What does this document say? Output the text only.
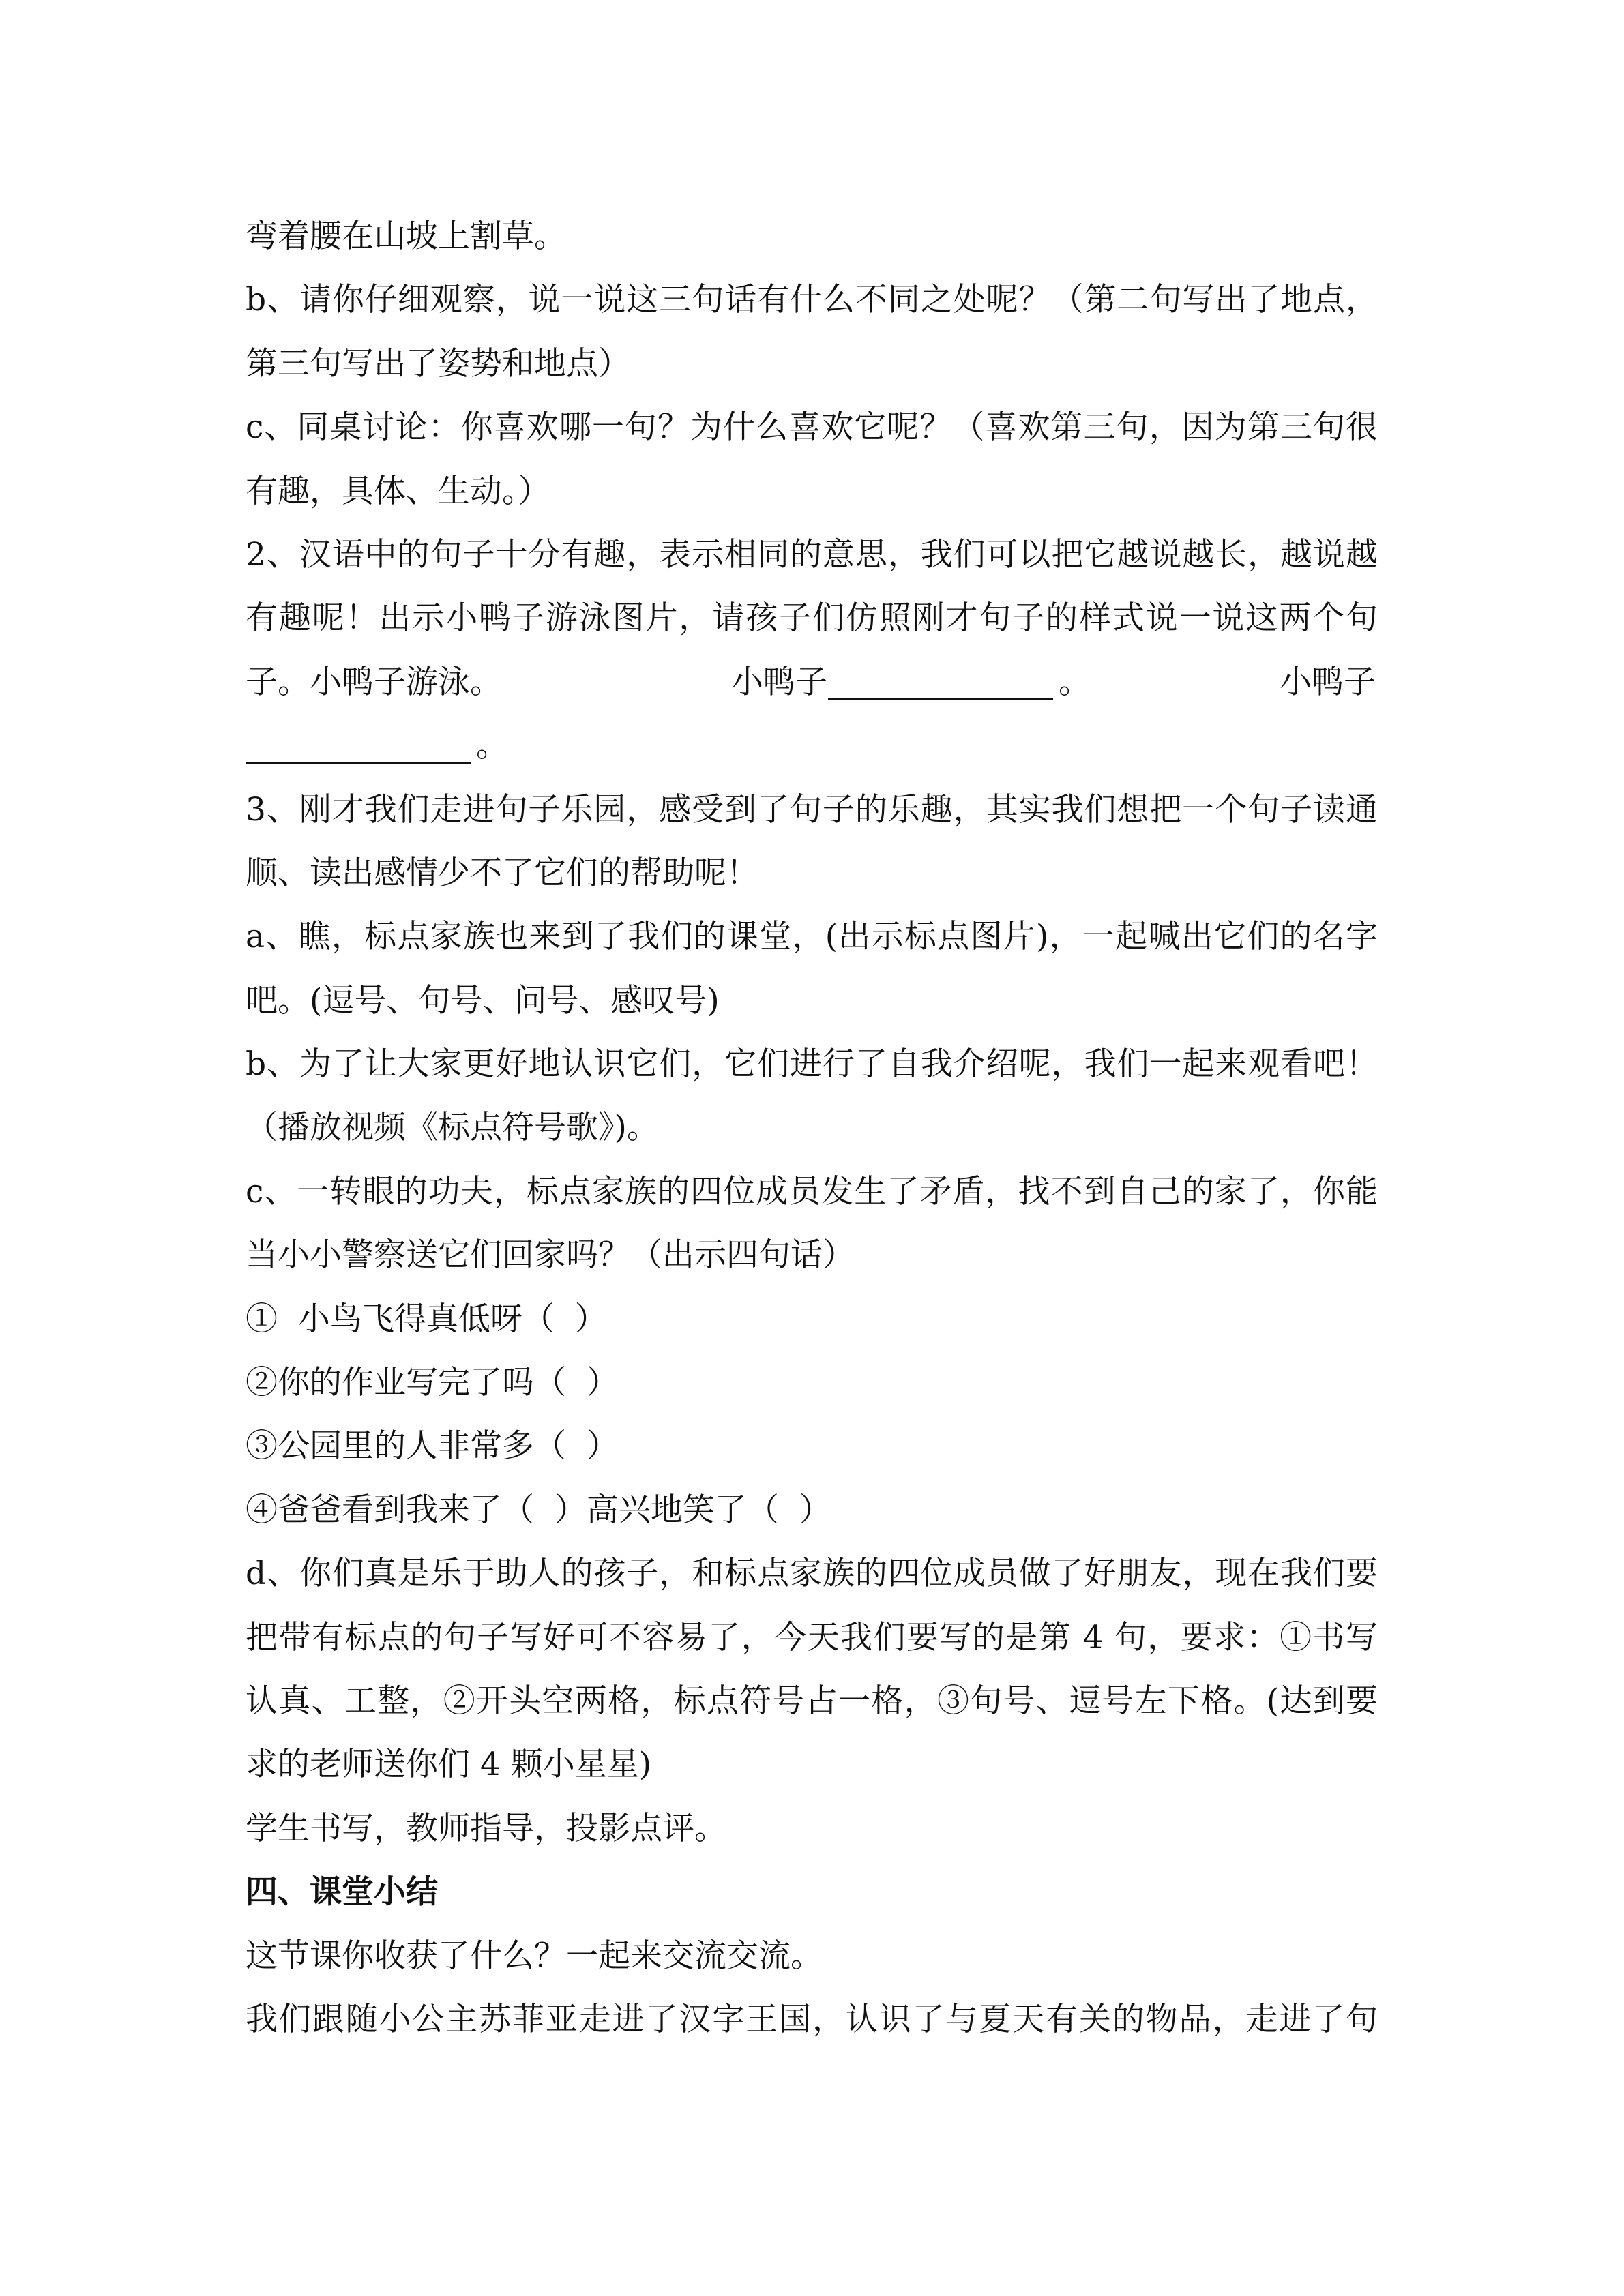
弯着腰在山坡上割草。
b、请你仔细观察，说一说这三句话有什么不同之处呢？（第二句写出了地点，
第三句写出了姿势和地点）
c、同桌讨论：你喜欢哪一句？为什么喜欢它呢？（喜欢第三句，因为第三句很
有趣，具体、生动。）
2、汉语中的句子十分有趣，表示相同的意思，我们可以把它越说越长，越说越
有趣呢！出示小鸭子游泳图片，请孩子们仿照刚才句子的样式说一说这两个句
子。小鸭子游泳。	小鸭子	。	小鸭子
。
3、刚才我们走进句子乐园，感受到了句子的乐趣，其实我们想把一个句子读通
顺、读出感情少不了它们的帮助呢！
a、瞧，标点家族也来到了我们的课堂，(出示标点图片)，一起喊出它们的名字
吧。(逗号、句号、问号、感叹号)
b、为了让大家更好地认识它们，它们进行了自我介绍呢，我们一起来观看吧！
（播放视频《标点符号歌》)。
c、一转眼的功夫，标点家族的四位成员发生了矛盾，找不到自己的家了，你能
当小小警察送它们回家吗？（出示四句话）
①  小鸟飞得真低呀（  ）
②你的作业写完了吗（  ）
③公园里的人非常多（  ）
④爸爸看到我来了（  ）高兴地笑了（  ）
d、你们真是乐于助人的孩子，和标点家族的四位成员做了好朋友，现在我们要
把带有标点的句子写好可不容易了，今天我们要写的是第 4 句，要求：①书写
认真、工整，②开头空两格，标点符号占一格，③句号、逗号左下格。(达到要
求的老师送你们 4 颗小星星)
学生书写，教师指导，投影点评。
四、课堂小结
这节课你收获了什么？一起来交流交流。
我们跟随小公主苏菲亚走进了汉字王国，认识了与夏天有关的物品，走进了句
